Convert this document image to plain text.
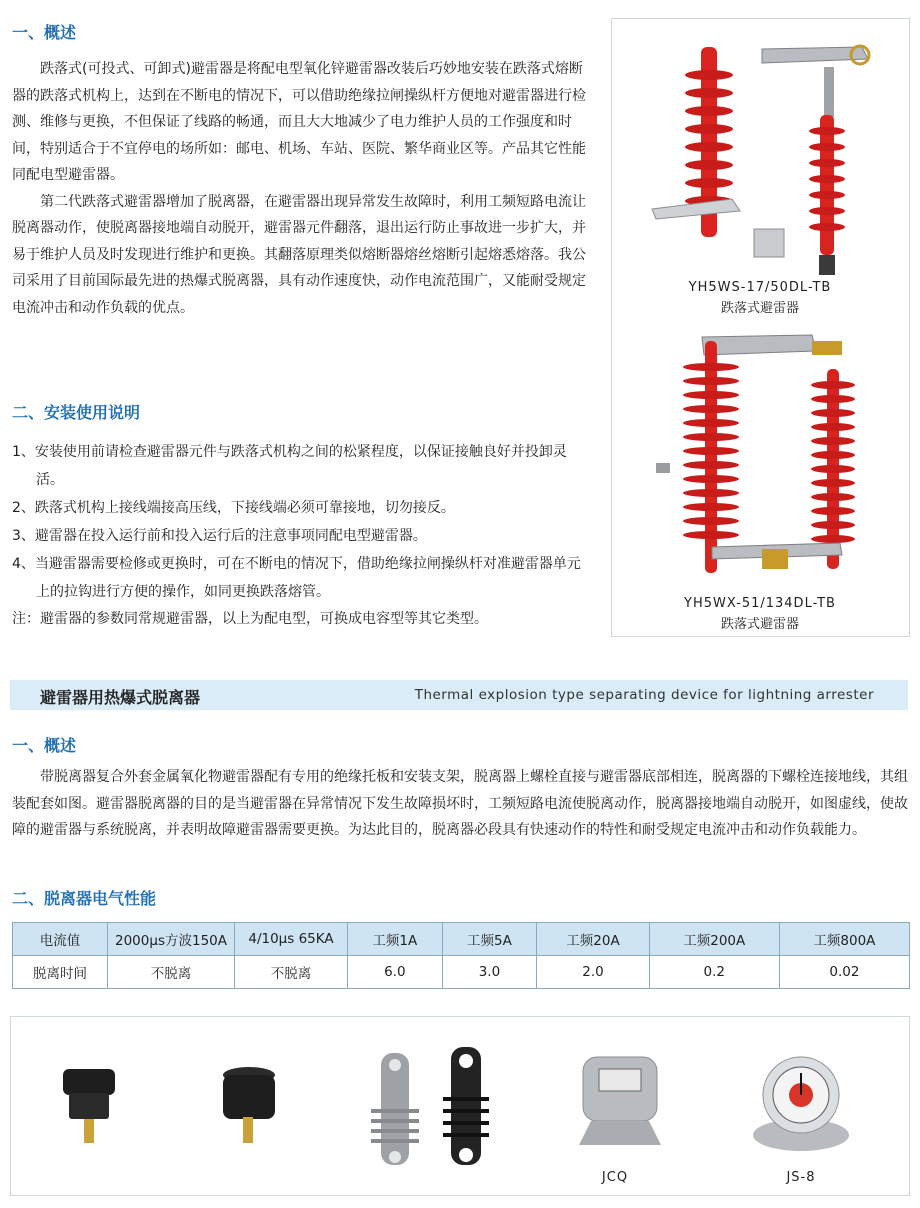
一、概述

跌落式(可投式、可卸式)避雷器是将配电型氧化锌避雷器改装后巧妙地安装在跌落式熔断器的跌落式机构上，达到在不断电的情况下，可以借助绝缘拉闸操纵杆方便地对避雷器进行检测、维修与更换，不但保证了线路的畅通，而且大大地减少了电力维护人员的工作强度和时间，特别适合于不宜停电的场所如：邮电、机场、车站、医院、繁华商业区等。产品其它性能同配电型避雷器。

第二代跌落式避雷器增加了脱离器，在避雷器出现异常发生故障时，利用工频短路电流让脱离器动作，使脱离器接地端自动脱开，避雷器元件翻落，退出运行防止事故进一步扩大，并易于维护人员及时发现进行维护和更换。其翻落原理类似熔断器熔丝熔断引起熔悉熔落。我公司采用了目前国际最先进的热爆式脱离器，具有动作速度快，动作电流范围广，又能耐受规定电流冲击和动作负载的优点。

二、安装使用说明
1、安装使用前请检查避雷器元件与跌落式机构之间的松紧程度，以保证接触良好并投卸灵活。
2、跌落式机构上接线端接高压线，下接线端必须可靠接地，切勿接反。
3、避雷器在投入运行前和投入运行后的注意事项同配电型避雷器。
4、当避雷器需要检修或更换时，可在不断电的情况下，借助绝缘拉闸操纵杆对准避雷器单元上的拉钩进行方便的操作，如同更换跌落熔管。
注：避雷器的参数同常规避雷器，以上为配电型，可换成电容型等其它类型。
YH5WS-17/50DL-TB
跌落式避雷器
YH5WX-51/134DL-TB
跌落式避雷器
避雷器用热爆式脱离器	Thermal explosion type separating device for lightning arrester
一、概述

带脱离器复合外套金属氧化物避雷器配有专用的绝缘托板和安装支架，脱离器上螺栓直接与避雷器底部相连，脱离器的下螺栓连接地线，其组装配套如图。避雷器脱离器的目的是当避雷器在异常情况下发生故障损坏时，工频短路电流使脱离动作，脱离器接地端自动脱开，如图虚线，使故障的避雷器与系统脱离，并表明故障避雷器需要更换。为达此目的，脱离器必段具有快速动作的特性和耐受规定电流冲击和动作负载能力。

二、脱离器电气性能
电流值	2000μs方波150A	4/10μs 65KA	工频1A	工频5A	工频20A	工频200A	工频800A
脱离时间	不脱离	不脱离	6.0	3.0	2.0	0.2	0.02
JCQ	JS-8
